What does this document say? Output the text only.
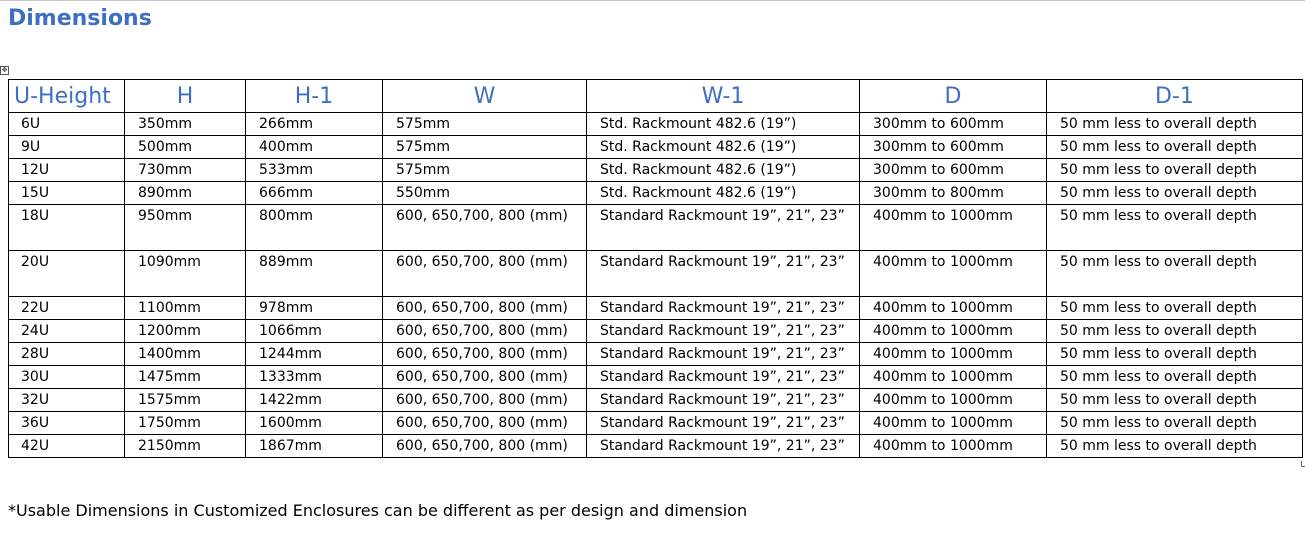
Dimensions
✥
U-Height	H	H-1	W	W-1	D	D-1
6U	350mm	266mm	575mm	Std. Rackmount 482.6 (19”)	300mm to 600mm	50 mm less to overall depth
9U	500mm	400mm	575mm	Std. Rackmount 482.6 (19”)	300mm to 600mm	50 mm less to overall depth
12U	730mm	533mm	575mm	Std. Rackmount 482.6 (19”)	300mm to 600mm	50 mm less to overall depth
15U	890mm	666mm	550mm	Std. Rackmount 482.6 (19”)	300mm to 800mm	50 mm less to overall depth
18U	950mm	800mm	600, 650,700, 800 (mm)	Standard Rackmount 19”, 21”, 23”	400mm to 1000mm	50 mm less to overall depth
20U	1090mm	889mm	600, 650,700, 800 (mm)	Standard Rackmount 19”, 21”, 23”	400mm to 1000mm	50 mm less to overall depth
22U	1100mm	978mm	600, 650,700, 800 (mm)	Standard Rackmount 19”, 21”, 23”	400mm to 1000mm	50 mm less to overall depth
24U	1200mm	1066mm	600, 650,700, 800 (mm)	Standard Rackmount 19”, 21”, 23”	400mm to 1000mm	50 mm less to overall depth
28U	1400mm	1244mm	600, 650,700, 800 (mm)	Standard Rackmount 19”, 21”, 23”	400mm to 1000mm	50 mm less to overall depth
30U	1475mm	1333mm	600, 650,700, 800 (mm)	Standard Rackmount 19”, 21”, 23”	400mm to 1000mm	50 mm less to overall depth
32U	1575mm	1422mm	600, 650,700, 800 (mm)	Standard Rackmount 19”, 21”, 23”	400mm to 1000mm	50 mm less to overall depth
36U	1750mm	1600mm	600, 650,700, 800 (mm)	Standard Rackmount 19”, 21”, 23”	400mm to 1000mm	50 mm less to overall depth
42U	2150mm	1867mm	600, 650,700, 800 (mm)	Standard Rackmount 19”, 21”, 23”	400mm to 1000mm	50 mm less to overall depth

*Usable Dimensions in Customized Enclosures can be different as per design and dimension
